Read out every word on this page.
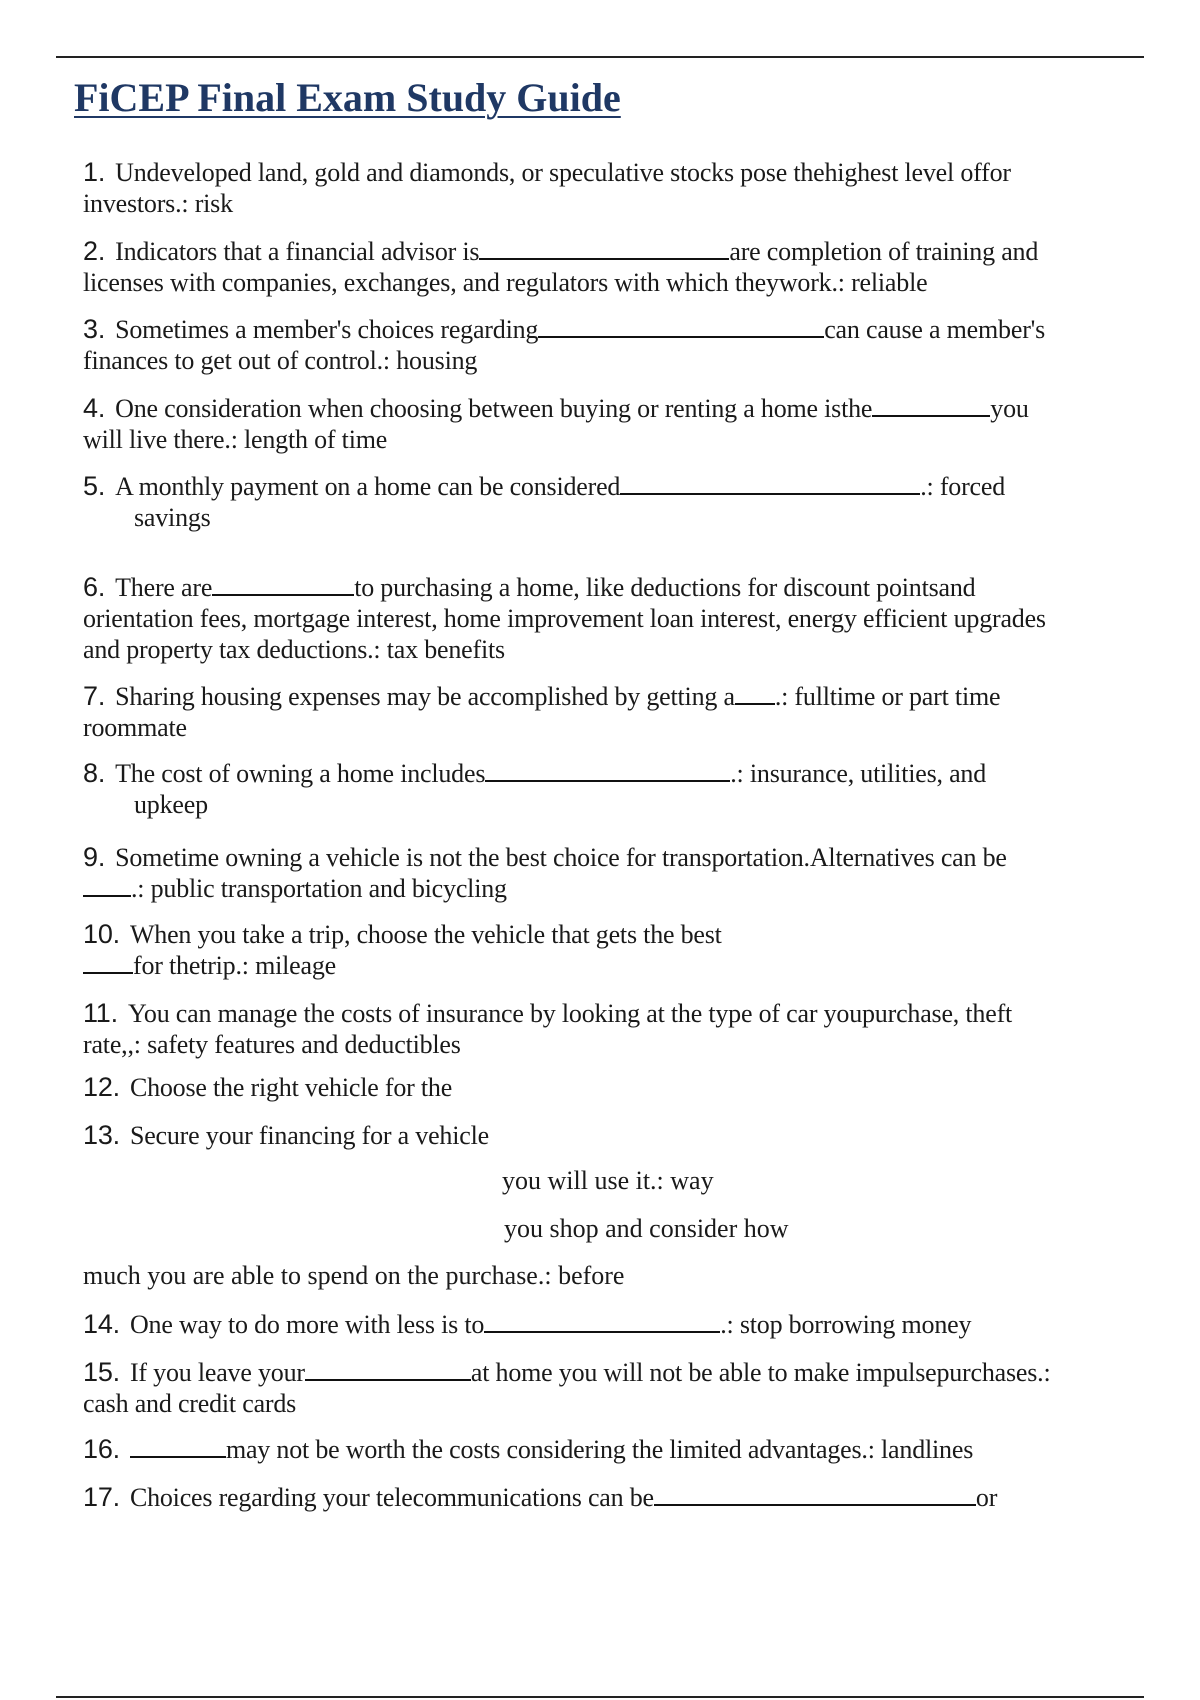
FiCEP Final Exam Study Guide
1. Undeveloped land, gold and diamonds, or speculative stocks pose thehighest level offor
investors.: risk
2. Indicators that a financial advisor is	are completion of training and
licenses with companies, exchanges, and regulators with which theywork.: reliable
3. Sometimes a member's choices regarding	can cause a member's
finances to get out of control.: housing
4. One consideration when choosing between buying or renting a home isthe	you
will live there.: length of time
5. A monthly payment on a home can be considered	.: forced
savings
6. There are	to purchasing a home, like deductions for discount pointsand
orientation fees, mortgage interest, home improvement loan interest, energy efficient upgrades
and property tax deductions.: tax benefits
7. Sharing housing expenses may be accomplished by getting a .: fulltime or part time
roommate
8. The cost of owning a home includes	.: insurance, utilities, and
upkeep
9. Sometime owning a vehicle is not the best choice for transportation.Alternatives can be
.: public transportation and bicycling
10. When you take a trip, choose the vehicle that gets the best
for thetrip.: mileage
11. You can manage the costs of insurance by looking at the type of car youpurchase, theft
rate,,: safety features and deductibles
12. Choose the right vehicle for the
13. Secure your financing for a vehicle
you will use it.: way
you shop and consider how
much you are able to spend on the purchase.: before
14. One way to do more with less is to	.: stop borrowing money
15. If you leave your	at home you will not be able to make impulsepurchases.:
cash and credit cards
16.	may not be worth the costs considering the limited advantages.: landlines
17. Choices regarding your telecommunications can be	or
